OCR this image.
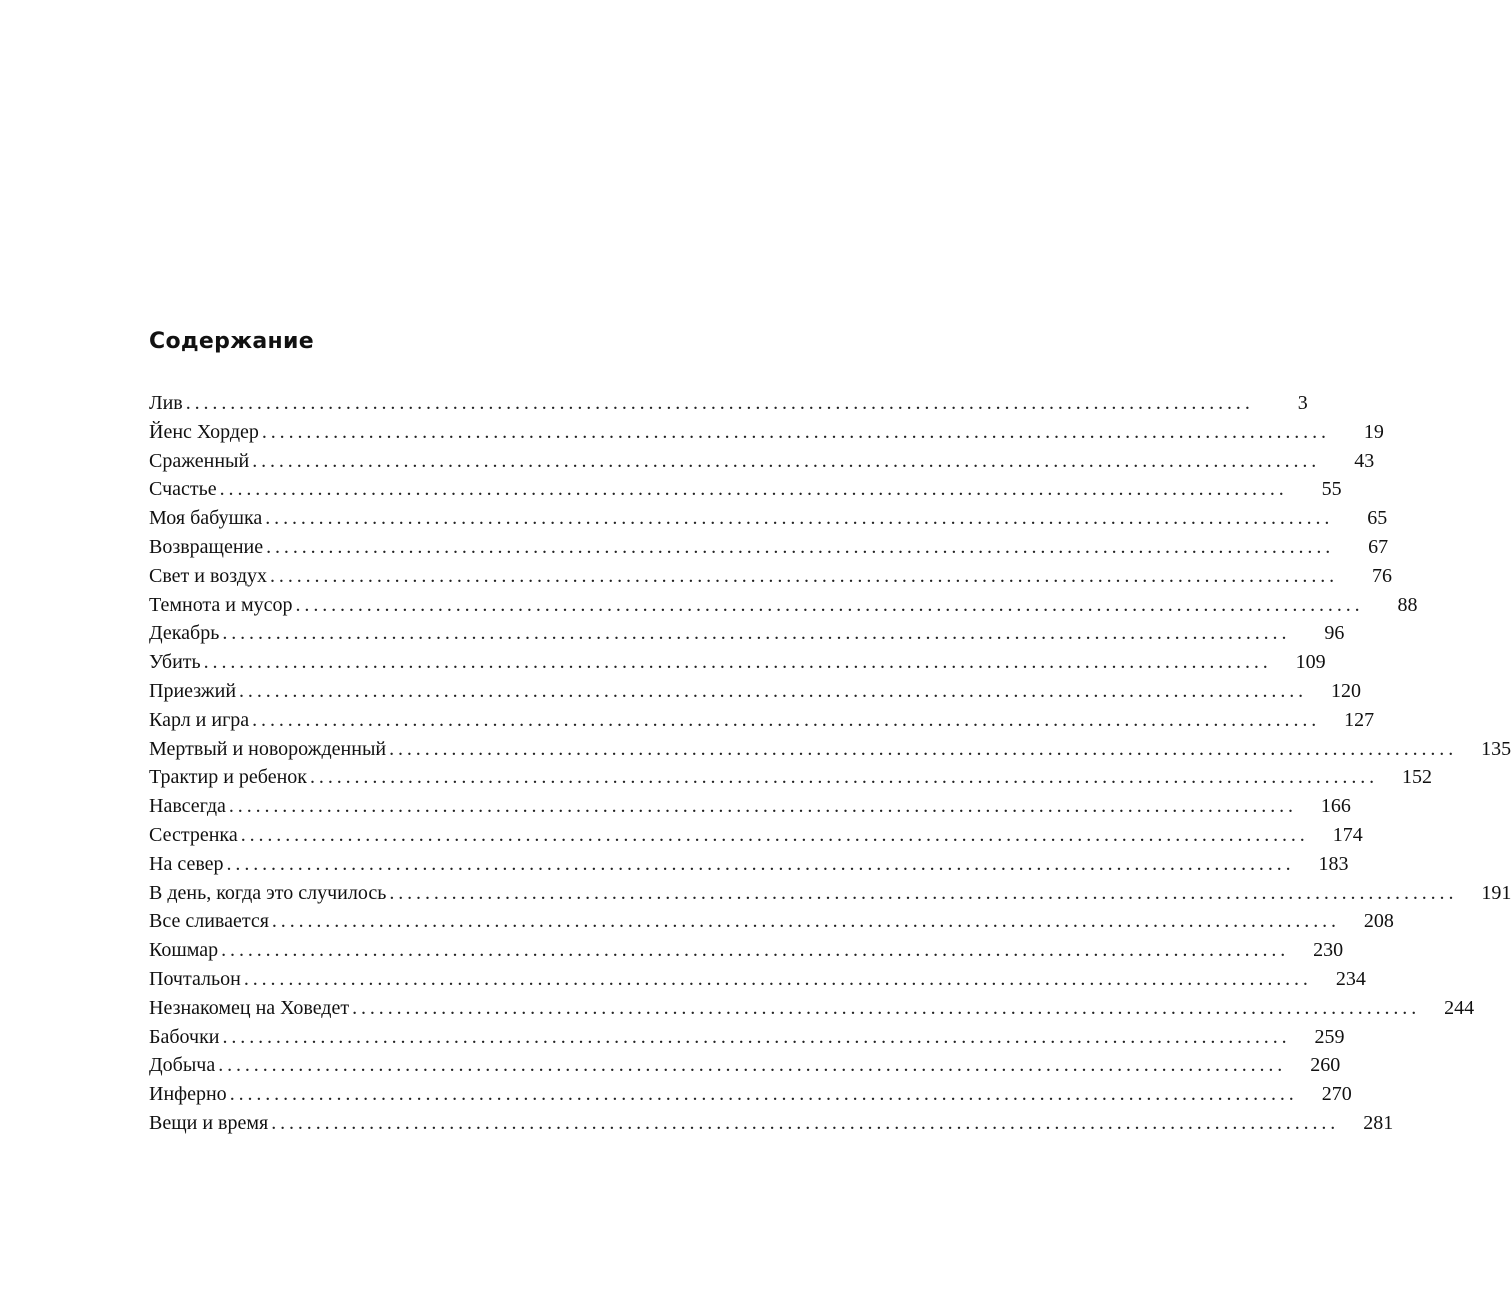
Содержание
Лив ........................................................................................................................	3
Йенс Хордер ........................................................................................................................	19
Сраженный ........................................................................................................................	43
Счастье ........................................................................................................................	55
Моя бабушка ........................................................................................................................	65
Возвращение ........................................................................................................................	67
Свет и воздух ........................................................................................................................	76
Темнота и мусор ........................................................................................................................	88
Декабрь ........................................................................................................................	96
Убить ........................................................................................................................	109
Приезжий ........................................................................................................................	120
Карл и игра ........................................................................................................................	127
Мертвый и новорожденный ........................................................................................................................	135
Трактир и ребенок ........................................................................................................................	152
Навсегда ........................................................................................................................	166
Сестренка ........................................................................................................................	174
На север ........................................................................................................................	183
В день, когда это случилось ........................................................................................................................	191
Все сливается ........................................................................................................................	208
Кошмар ........................................................................................................................	230
Почтальон ........................................................................................................................	234
Незнакомец на Ховедет ........................................................................................................................	244
Бабочки ........................................................................................................................	259
Добыча ........................................................................................................................	260
Инферно ........................................................................................................................	270
Вещи и время ........................................................................................................................	281
